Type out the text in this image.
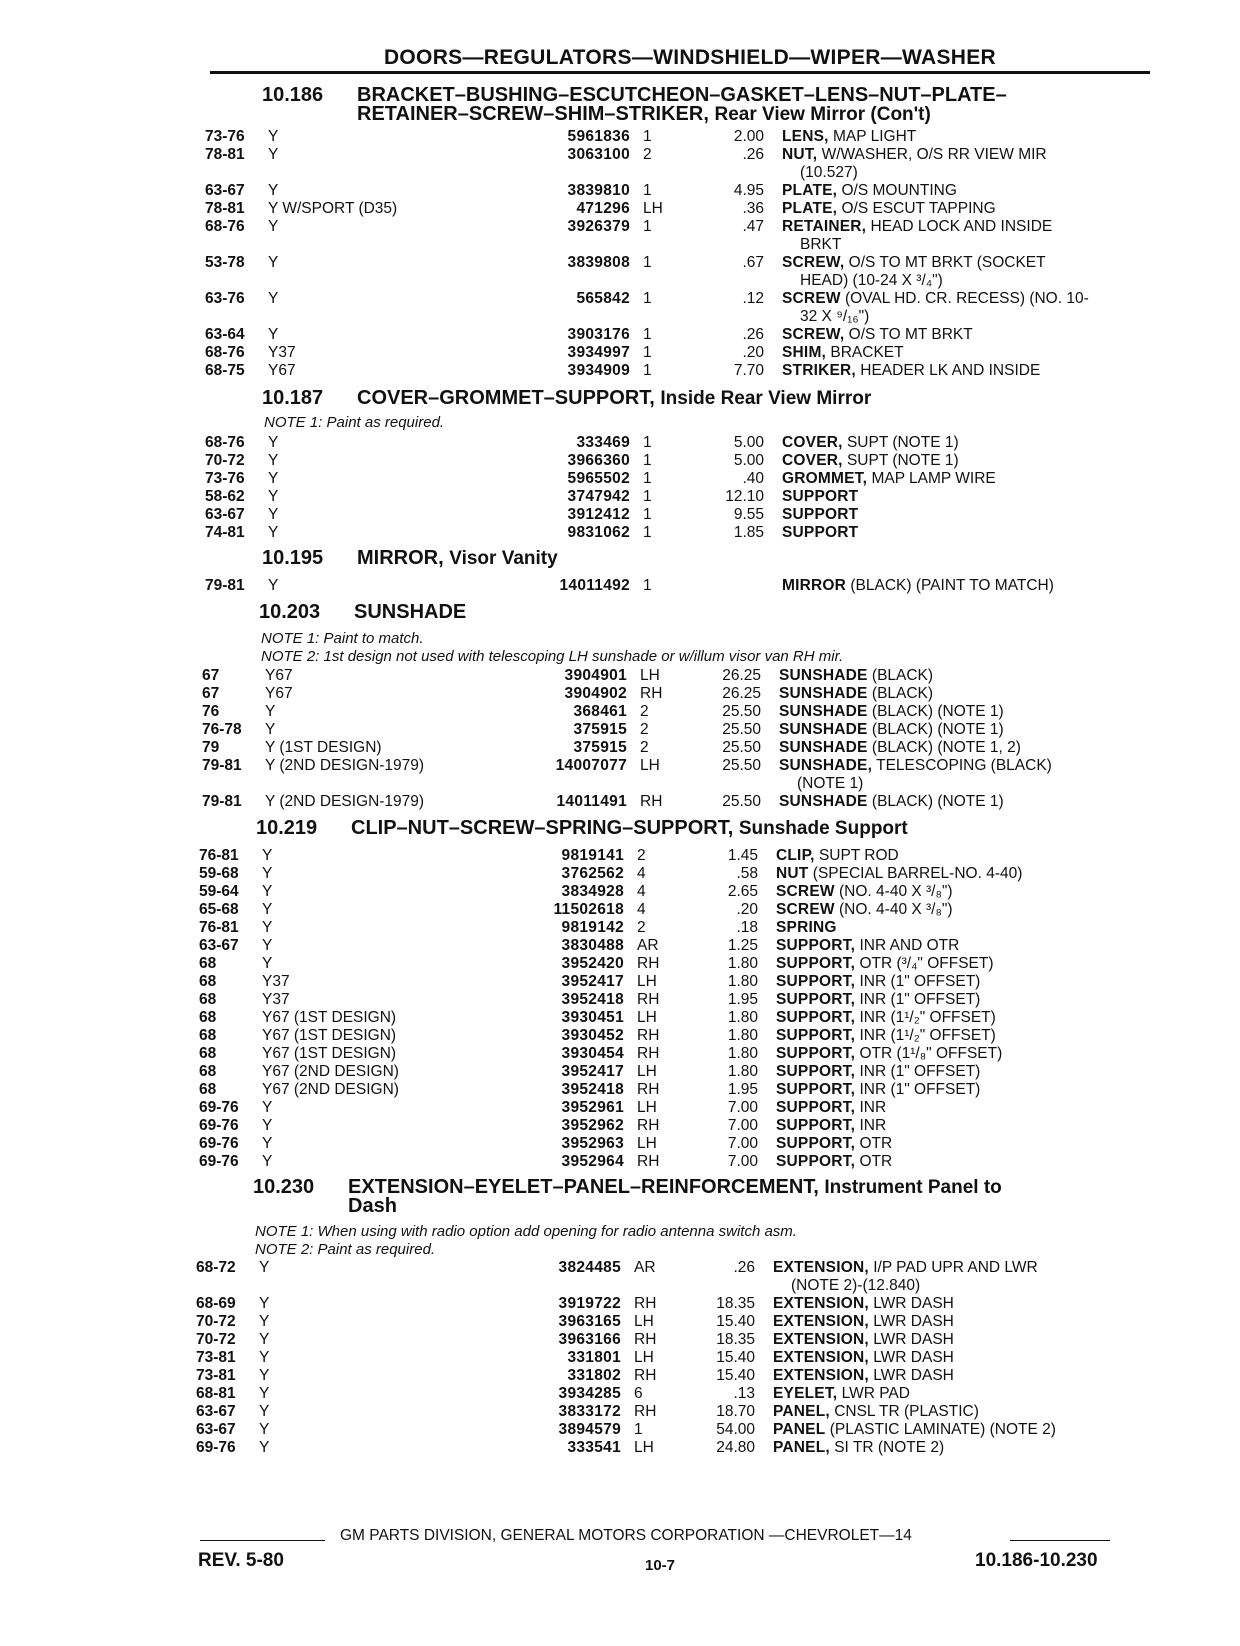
DOORS—REGULATORS—WINDSHIELD—WIPER—WASHER
10.186 BRACKET–BUSHING–ESCUTCHEON–GASKET–LENS–NUT–PLATE–
RETAINER–SCREW–SHIM–STRIKER, Rear View Mirror (Con't)
73-76 Y	5961836 1	2.00 LENS, MAP LIGHT
78-81 Y	3063100 2	.26 NUT, W/WASHER, O/S RR VIEW MIR
(10.527)
63-67 Y	3839810 1	4.95 PLATE, O/S MOUNTING
78-81 Y W/SPORT (D35)	471296 LH	.36 PLATE, O/S ESCUT TAPPING
68-76 Y	3926379 1	.47 RETAINER, HEAD LOCK AND INSIDE
BRKT
53-78 Y	3839808 1	.67 SCREW, O/S TO MT BRKT (SOCKET
HEAD) (10-24 X ³/₄")
63-76 Y	565842 1	.12 SCREW (OVAL HD. CR. RECESS) (NO. 10-
32 X ⁹/₁₆")
63-64 Y	3903176 1	.26 SCREW, O/S TO MT BRKT
68-76 Y37	3934997 1	.20 SHIM, BRACKET
68-75 Y67	3934909 1	7.70 STRIKER, HEADER LK AND INSIDE
10.187 COVER–GROMMET–SUPPORT, Inside Rear View Mirror
NOTE 1: Paint as required.
68-76 Y	333469 1	5.00 COVER, SUPT (NOTE 1)
70-72 Y	3966360 1	5.00 COVER, SUPT (NOTE 1)
73-76 Y	5965502 1	.40 GROMMET, MAP LAMP WIRE
58-62 Y	3747942 1	12.10 SUPPORT
63-67 Y	3912412 1	9.55 SUPPORT
74-81 Y	9831062 1	1.85 SUPPORT
10.195 MIRROR, Visor Vanity
79-81 Y	14011492 1	MIRROR (BLACK) (PAINT TO MATCH)
10.203 SUNSHADE
NOTE 1: Paint to match.
NOTE 2: 1st design not used with telescoping LH sunshade or w/illum visor van RH mir.
67	Y67	3904901 LH	26.25 SUNSHADE (BLACK)
67	Y67	3904902 RH	26.25 SUNSHADE (BLACK)
76	Y	368461 2	25.50 SUNSHADE (BLACK) (NOTE 1)
76-78 Y	375915 2	25.50 SUNSHADE (BLACK) (NOTE 1)
79	Y (1ST DESIGN)	375915 2	25.50 SUNSHADE (BLACK) (NOTE 1, 2)
79-81 Y (2ND DESIGN-1979)	14007077 LH	25.50 SUNSHADE, TELESCOPING (BLACK)
(NOTE 1)
79-81 Y (2ND DESIGN-1979)	14011491 RH	25.50 SUNSHADE (BLACK) (NOTE 1)
10.219 CLIP–NUT–SCREW–SPRING–SUPPORT, Sunshade Support
76-81 Y	9819141 2	1.45 CLIP, SUPT ROD
59-68 Y	3762562 4	.58 NUT (SPECIAL BARREL-NO. 4-40)
59-64 Y	3834928 4	2.65 SCREW (NO. 4-40 X ³/₈")
65-68 Y	11502618 4	.20 SCREW (NO. 4-40 X ³/₈")
76-81 Y	9819142 2	.18 SPRING
63-67 Y	3830488 AR	1.25 SUPPORT, INR AND OTR
68	Y	3952420 RH	1.80 SUPPORT, OTR (³/₄" OFFSET)
68	Y37	3952417 LH	1.80 SUPPORT, INR (1" OFFSET)
68	Y37	3952418 RH	1.95 SUPPORT, INR (1" OFFSET)
68	Y67 (1ST DESIGN)	3930451 LH	1.80 SUPPORT, INR (1¹/₂" OFFSET)
68	Y67 (1ST DESIGN)	3930452 RH	1.80 SUPPORT, INR (1¹/₂" OFFSET)
68	Y67 (1ST DESIGN)	3930454 RH	1.80 SUPPORT, OTR (1¹/₈" OFFSET)
68	Y67 (2ND DESIGN)	3952417 LH	1.80 SUPPORT, INR (1" OFFSET)
68	Y67 (2ND DESIGN)	3952418 RH	1.95 SUPPORT, INR (1" OFFSET)
69-76 Y	3952961 LH	7.00 SUPPORT, INR
69-76 Y	3952962 RH	7.00 SUPPORT, INR
69-76 Y	3952963 LH	7.00 SUPPORT, OTR
69-76 Y	3952964 RH	7.00 SUPPORT, OTR
10.230 EXTENSION–EYELET–PANEL–REINFORCEMENT, Instrument Panel to
Dash
NOTE 1: When using with radio option add opening for radio antenna switch asm.
NOTE 2: Paint as required.
68-72 Y	3824485 AR	.26 EXTENSION, I/P PAD UPR AND LWR
(NOTE 2)-(12.840)
68-69 Y	3919722 RH	18.35 EXTENSION, LWR DASH
70-72 Y	3963165 LH	15.40 EXTENSION, LWR DASH
70-72 Y	3963166 RH	18.35 EXTENSION, LWR DASH
73-81 Y	331801 LH	15.40 EXTENSION, LWR DASH
73-81 Y	331802 RH	15.40 EXTENSION, LWR DASH
68-81 Y	3934285 6	.13 EYELET, LWR PAD
63-67 Y	3833172 RH	18.70 PANEL, CNSL TR (PLASTIC)
63-67 Y	3894579 1	54.00 PANEL (PLASTIC LAMINATE) (NOTE 2)
69-76 Y	333541 LH	24.80 PANEL, SI TR (NOTE 2)
GM PARTS DIVISION, GENERAL MOTORS CORPORATION —CHEVROLET—14
REV. 5-80	10-7	10.186-10.230
